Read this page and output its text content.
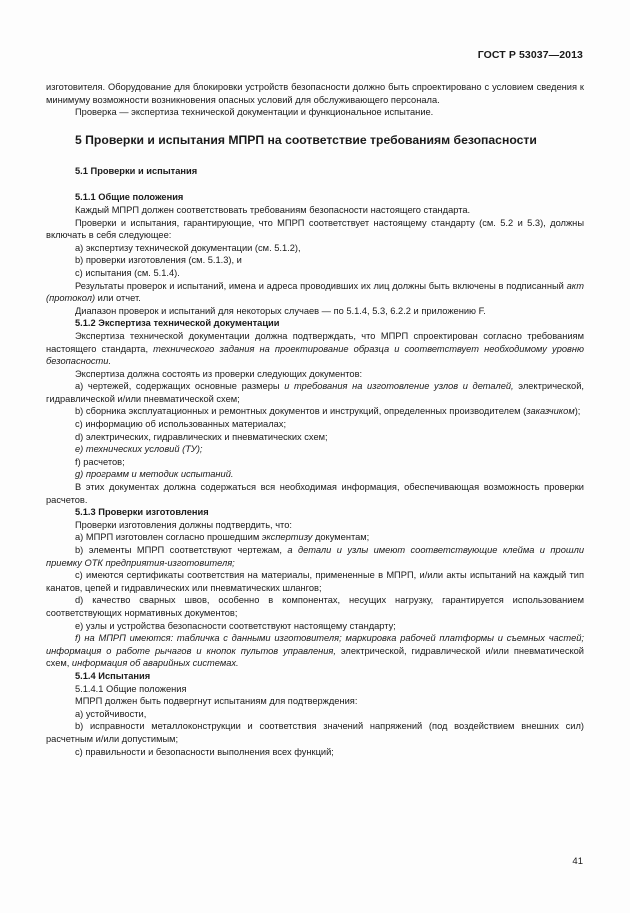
ГОСТ Р 53037—2013

изготовителя. Оборудование для блокировки устройств безопасности должно быть спроектировано с условием сведения к минимуму возможности возникновения опасных условий для обслуживающего персонала.

Проверка — экспертиза технической документации и функциональное испытание.

5 Проверки и испытания МПРП на соответствие требованиям безопасности
5.1 Проверки и испытания
5.1.1 Общие положения

Каждый МПРП должен соответствовать требованиям безопасности настоящего стандарта.

Проверки и испытания, гарантирующие, что МПРП соответствует настоящему стандарту (см. 5.2 и 5.3), должны включать в себя следующее:

a) экспертизу технической документации (см. 5.1.2),

b) проверки изготовления (см. 5.1.3), и

c) испытания (см. 5.1.4).

Результаты проверок и испытаний, имена и адреса проводивших их лиц должны быть включены в подписанный акт (протокол) или отчет.

Диапазон проверок и испытаний для некоторых случаев — по 5.1.4, 5.3, 6.2.2 и приложению F.

5.1.2 Экспертиза технической документации

Экспертиза технической документации должна подтверждать, что МПРП спроектирован согласно требованиям настоящего стандарта, технического задания на проектирование образца и соответствует необходимому уровню безопасности.

Экспертиза должна состоять из проверки следующих документов:

a) чертежей, содержащих основные размеры и требования на изготовление узлов и деталей, электрической, гидравлической и/или пневматической схем;

b) сборника эксплуатационных и ремонтных документов и инструкций, определенных производителем (заказчиком);

c) информацию об использованных материалах;

d) электрических, гидравлических и пневматических схем;

e) технических условий (ТУ);

f) расчетов;

g) программ и методик испытаний.

В этих документах должна содержаться вся необходимая информация, обеспечивающая возможность проверки расчетов.

5.1.3 Проверки изготовления

Проверки изготовления должны подтвердить, что:

a) МПРП изготовлен согласно прошедшим экспертизу документам;

b) элементы МПРП соответствуют чертежам, а детали и узлы имеют соответствующие клейма и прошли приемку ОТК предприятия-изготовителя;

c) имеются сертификаты соответствия на материалы, примененные в МПРП, и/или акты испытаний на каждый тип канатов, цепей и гидравлических или пневматических шлангов;

d) качество сварных швов, особенно в компонентах, несущих нагрузку, гарантируется использованием соответствующих нормативных документов;

e) узлы и устройства безопасности соответствуют настоящему стандарту;

f) на МПРП имеются: табличка с данными изготовителя; маркировка рабочей платформы и съемных частей; информация о работе рычагов и кнопок пультов управления, электрической, гидравлической и/или пневматической схем, информация об аварийных системах.

5.1.4 Испытания

5.1.4.1 Общие положения

МПРП должен быть подвергнут испытаниям для подтверждения:

a) устойчивости,

b) исправности металлоконструкции и соответствия значений напряжений (под воздействием внешних сил) расчетным и/или допустимым;

c) правильности и безопасности выполнения всех функций;

41
